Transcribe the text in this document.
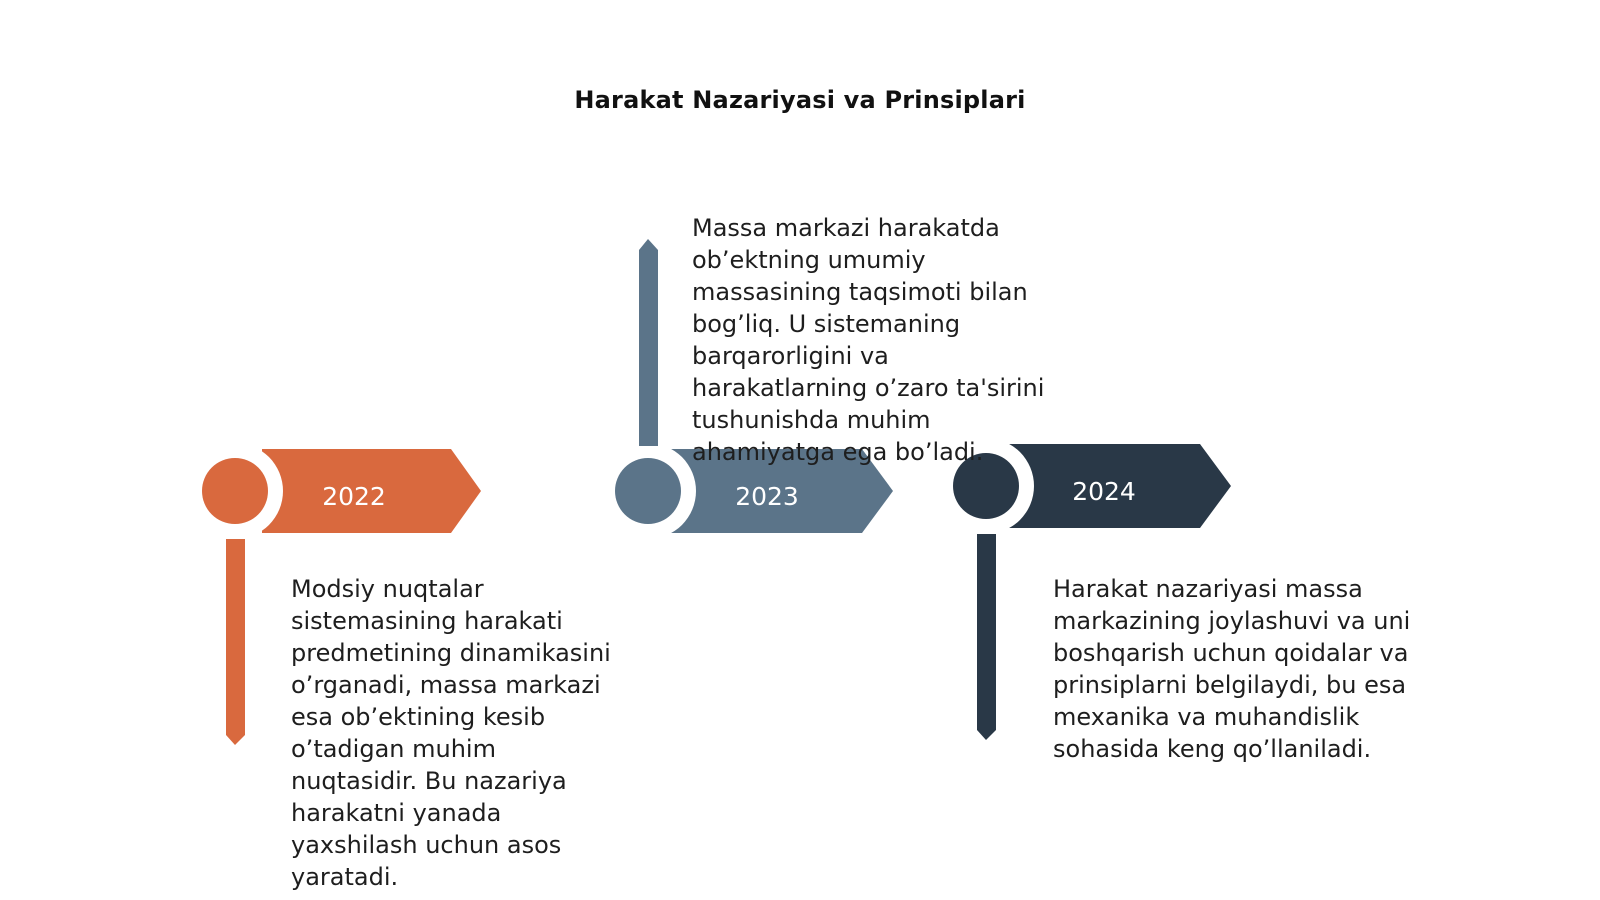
Harakat Nazariyasi va Prinsiplari
2022	2023	2024
Modsiy nuqtalar sistemasining harakati predmetining dinamikasini o’rganadi, massa markazi esa ob’ektining kesib o’tadigan muhim nuqtasidir. Bu nazariya harakatni yanada yaxshilash uchun asos yaratadi.
Massa markazi harakatda ob’ektning umumiy massasining taqsimoti bilan bog’liq. U sistemaning barqarorligini va harakatlarning o’zaro ta'sirini tushunishda muhim ahamiyatga ega bo’ladi.
Harakat nazariyasi massa markazining joylashuvi va uni boshqarish uchun qoidalar va prinsiplarni belgilaydi, bu esa mexanika va muhandislik sohasida keng qo’llaniladi.
